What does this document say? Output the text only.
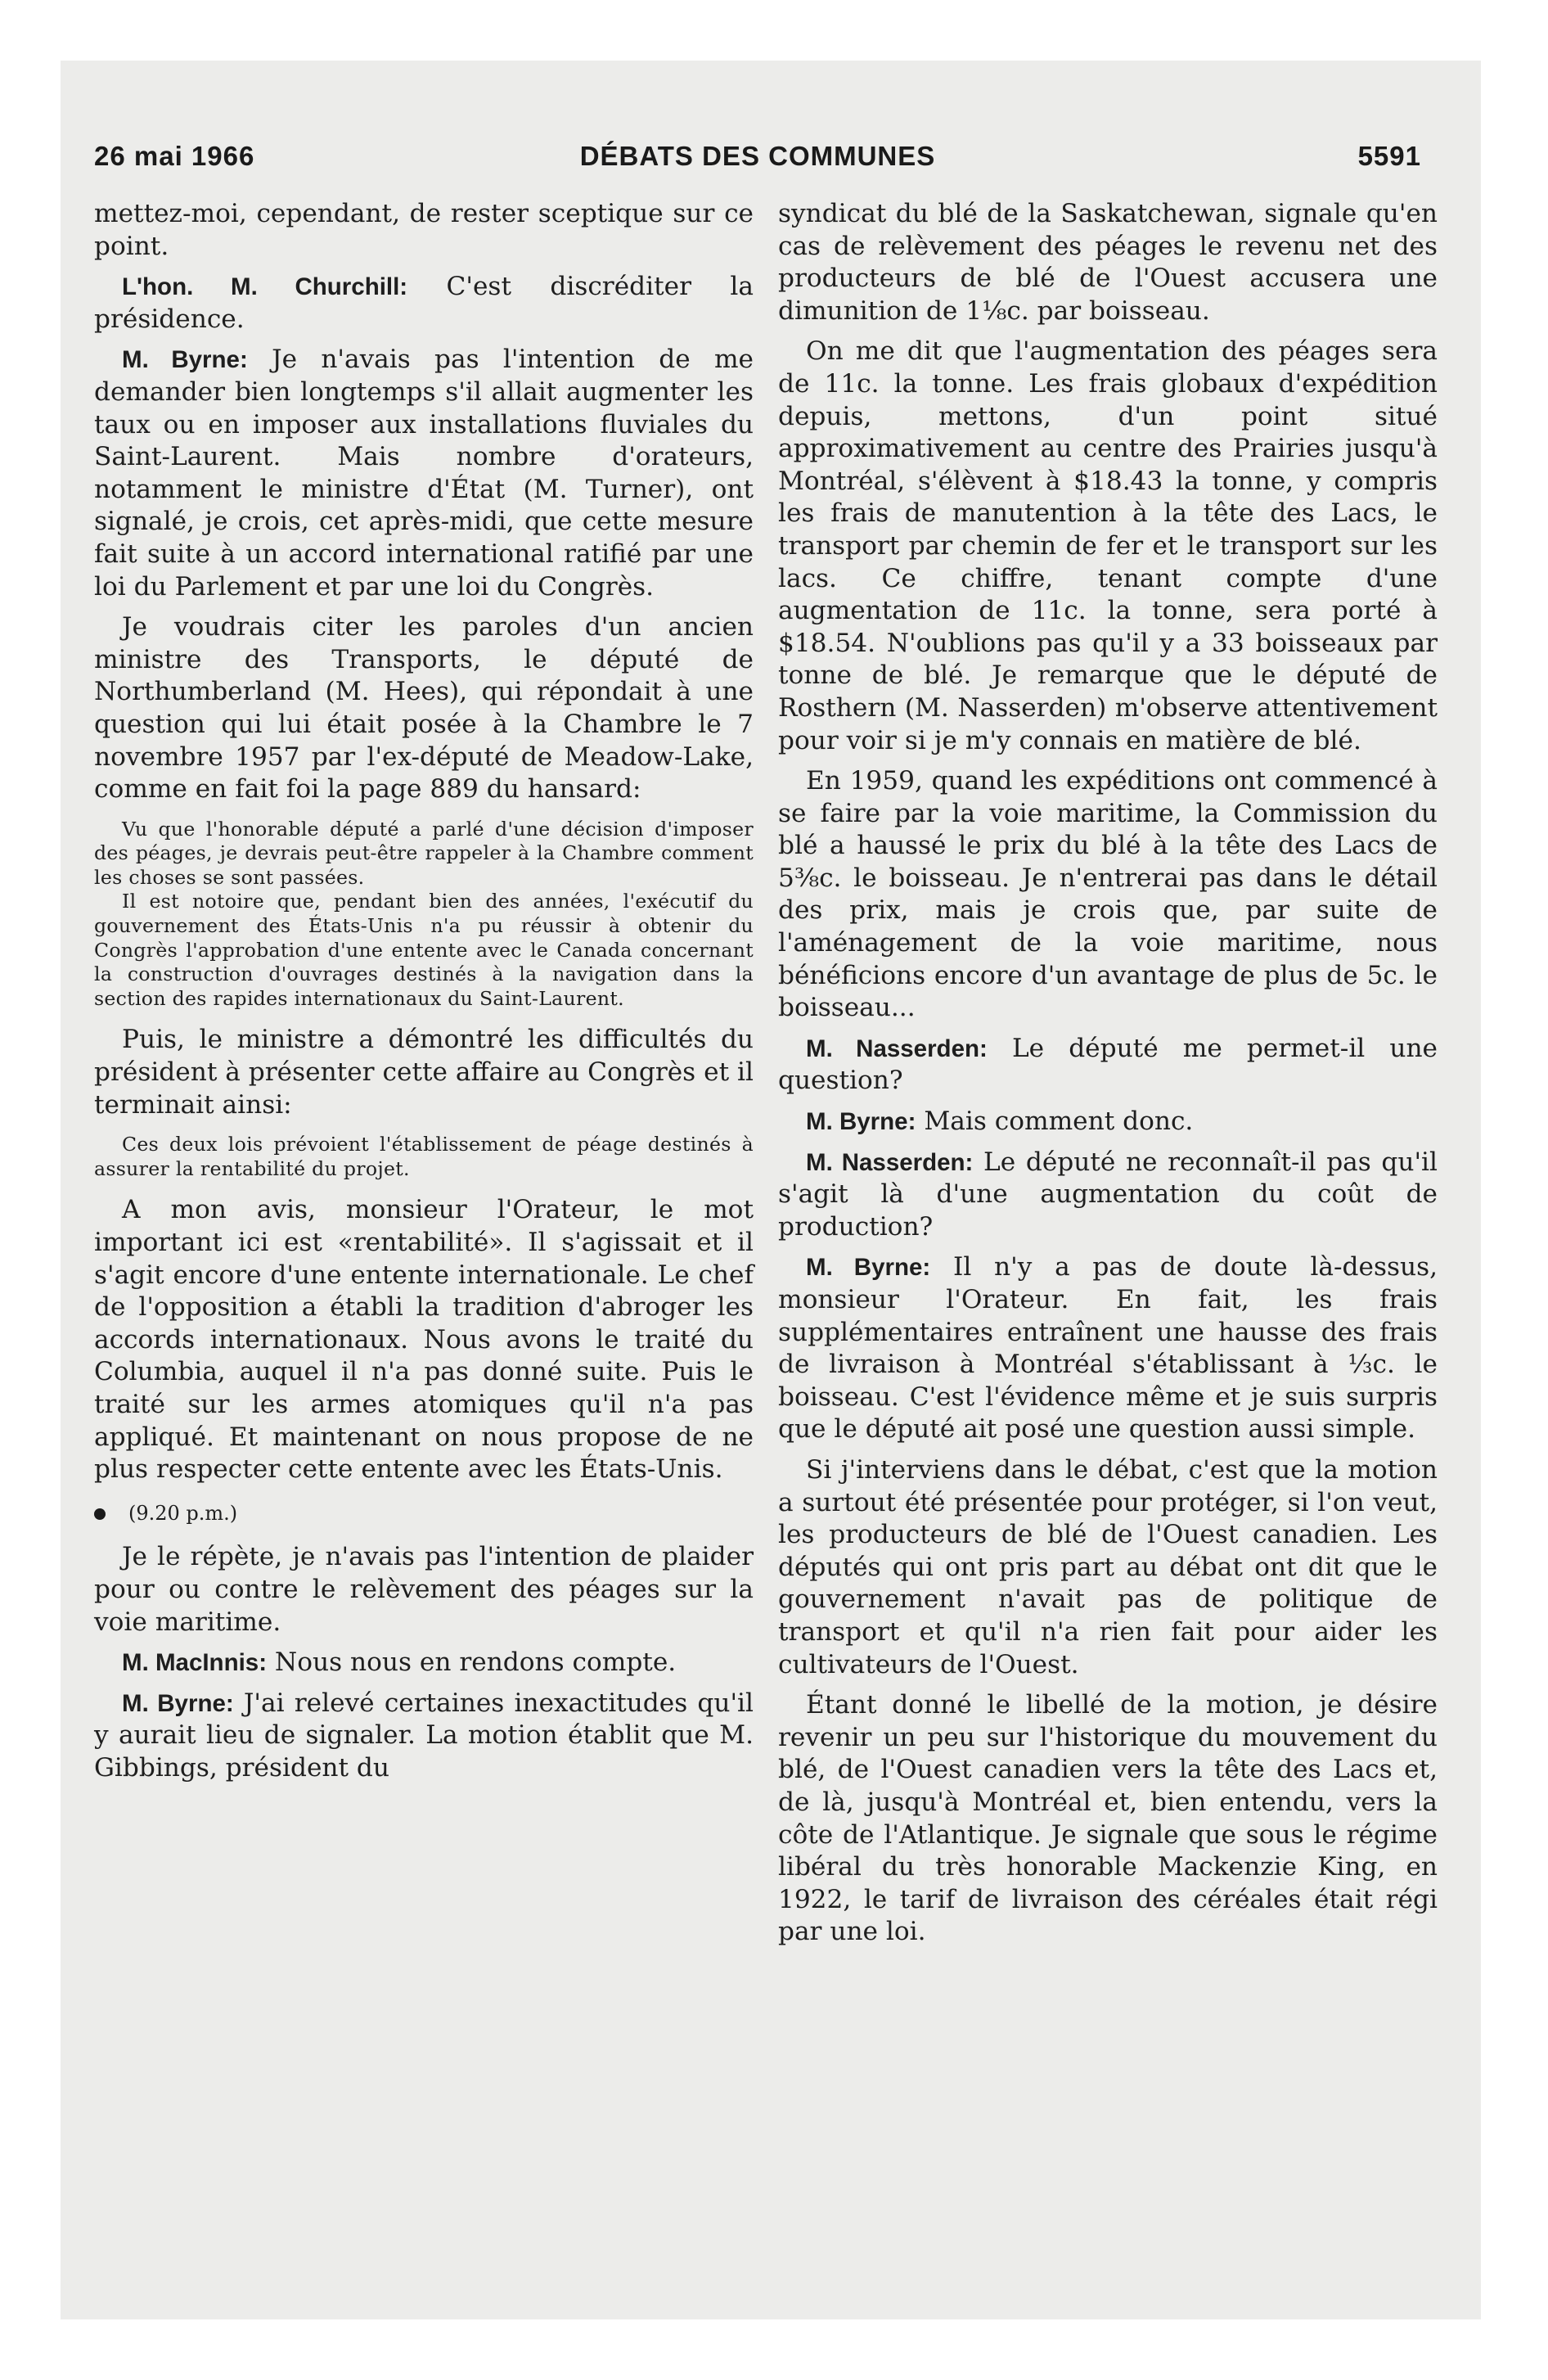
26 mai 1966	DÉBATS DES COMMUNES	5591

mettez-moi, cependant, de rester sceptique sur ce point.

L'hon. M. Churchill: C'est discréditer la présidence.

M. Byrne: Je n'avais pas l'intention de me demander bien longtemps s'il allait augmenter les taux ou en imposer aux installations fluviales du Saint-Laurent. Mais nombre d'orateurs, notamment le ministre d'État (M. Turner), ont signalé, je crois, cet après-midi, que cette mesure fait suite à un accord international ratifié par une loi du Parlement et par une loi du Congrès.

Je voudrais citer les paroles d'un ancien ministre des Transports, le député de Northumberland (M. Hees), qui répondait à une question qui lui était posée à la Chambre le 7 novembre 1957 par l'ex-député de Meadow-Lake, comme en fait foi la page 889 du hansard:

Vu que l'honorable député a parlé d'une décision d'imposer des péages, je devrais peut-être rappeler à la Chambre comment les choses se sont passées.

Il est notoire que, pendant bien des années, l'exécutif du gouvernement des États-Unis n'a pu réussir à obtenir du Congrès l'approbation d'une entente avec le Canada concernant la construction d'ouvrages destinés à la navigation dans la section des rapides internationaux du Saint-Laurent.

Puis, le ministre a démontré les difficultés du président à présenter cette affaire au Congrès et il terminait ainsi:

Ces deux lois prévoient l'établissement de péage destinés à assurer la rentabilité du projet.

A mon avis, monsieur l'Orateur, le mot important ici est «rentabilité». Il s'agissait et il s'agit encore d'une entente internationale. Le chef de l'opposition a établi la tradition d'abroger les accords internationaux. Nous avons le traité du Columbia, auquel il n'a pas donné suite. Puis le traité sur les armes atomiques qu'il n'a pas appliqué. Et maintenant on nous propose de ne plus respecter cette entente avec les États-Unis.

(9.20 p.m.)

Je le répète, je n'avais pas l'intention de plaider pour ou contre le relèvement des péages sur la voie maritime.

M. MacInnis: Nous nous en rendons compte.

M. Byrne: J'ai relevé certaines inexactitudes qu'il y aurait lieu de signaler. La motion établit que M. Gibbings, président du

syndicat du blé de la Saskatchewan, signale qu'en cas de relèvement des péages le revenu net des producteurs de blé de l'Ouest accusera une dimunition de 1⅛c. par boisseau.

On me dit que l'augmentation des péages sera de 11c. la tonne. Les frais globaux d'expédition depuis, mettons, d'un point situé approximativement au centre des Prairies jusqu'à Montréal, s'élèvent à $18.43 la tonne, y compris les frais de manutention à la tête des Lacs, le transport par chemin de fer et le transport sur les lacs. Ce chiffre, tenant compte d'une augmentation de 11c. la tonne, sera porté à $18.54. N'oublions pas qu'il y a 33 boisseaux par tonne de blé. Je remarque que le député de Rosthern (M. Nasserden) m'observe attentivement pour voir si je m'y connais en matière de blé.

En 1959, quand les expéditions ont commencé à se faire par la voie maritime, la Commission du blé a haussé le prix du blé à la tête des Lacs de 5⅜c. le boisseau. Je n'entrerai pas dans le détail des prix, mais je crois que, par suite de l'aménagement de la voie maritime, nous bénéficions encore d'un avantage de plus de 5c. le boisseau...

M. Nasserden: Le député me permet-il une question?

M. Byrne: Mais comment donc.

M. Nasserden: Le député ne reconnaît-il pas qu'il s'agit là d'une augmentation du coût de production?

M. Byrne: Il n'y a pas de doute là-dessus, monsieur l'Orateur. En fait, les frais supplémentaires entraînent une hausse des frais de livraison à Montréal s'établissant à ⅓c. le boisseau. C'est l'évidence même et je suis surpris que le député ait posé une question aussi simple.

Si j'interviens dans le débat, c'est que la motion a surtout été présentée pour protéger, si l'on veut, les producteurs de blé de l'Ouest canadien. Les députés qui ont pris part au débat ont dit que le gouvernement n'avait pas de politique de transport et qu'il n'a rien fait pour aider les cultivateurs de l'Ouest.

Étant donné le libellé de la motion, je désire revenir un peu sur l'historique du mouvement du blé, de l'Ouest canadien vers la tête des Lacs et, de là, jusqu'à Montréal et, bien entendu, vers la côte de l'Atlantique. Je signale que sous le régime libéral du très honorable Mackenzie King, en 1922, le tarif de livraison des céréales était régi par une loi.
